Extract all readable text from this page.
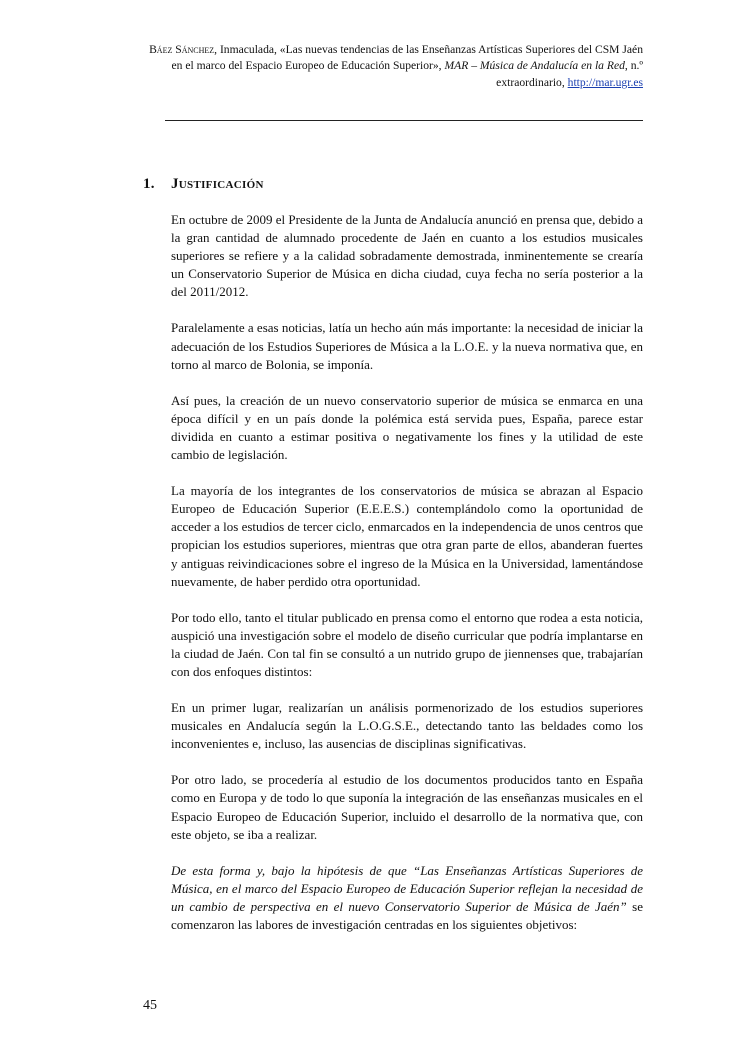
Báez Sánchez, Inmaculada, «Las nuevas tendencias de las Enseñanzas Artísticas Superiores del CSM Jaén en el marco del Espacio Europeo de Educación Superior», MAR – Música de Andalucía en la Red, n.º extraordinario, http://mar.ugr.es
1. Justificación

En octubre de 2009 el Presidente de la Junta de Andalucía anunció en prensa que, debido a la gran cantidad de alumnado procedente de Jaén en cuanto a los estudios musicales superiores se refiere y a la calidad sobradamente demostrada, inminentemente se crearía un Conservatorio Superior de Música en dicha ciudad, cuya fecha no sería posterior a la del 2011/2012.

Paralelamente a esas noticias, latía un hecho aún más importante: la necesidad de iniciar la adecuación de los Estudios Superiores de Música a la L.O.E. y la nueva normativa que, en torno al marco de Bolonia, se imponía.

Así pues, la creación de un nuevo conservatorio superior de música se enmarca en una época difícil y en un país donde la polémica está servida pues, España, parece estar dividida en cuanto a estimar positiva o negativamente los fines y la utilidad de este cambio de legislación.

La mayoría de los integrantes de los conservatorios de música se abrazan al Espacio Europeo de Educación Superior (E.E.E.S.) contemplándolo como la oportunidad de acceder a los estudios de tercer ciclo, enmarcados en la independencia de unos centros que propician los estudios superiores, mientras que otra gran parte de ellos, abanderan fuertes y antiguas reivindicaciones sobre el ingreso de la Música en la Universidad, lamentándose nuevamente, de haber perdido otra oportunidad.

Por todo ello, tanto el titular publicado en prensa como el entorno que rodea a esta noticia, auspició una investigación sobre el modelo de diseño curricular que podría implantarse en la ciudad de Jaén. Con tal fin se consultó a un nutrido grupo de jiennenses que, trabajarían con dos enfoques distintos:

En un primer lugar, realizarían un análisis pormenorizado de los estudios superiores musicales en Andalucía según la L.O.G.S.E., detectando tanto las beldades como los inconvenientes e, incluso, las ausencias de disciplinas significativas.

Por otro lado, se procedería al estudio de los documentos producidos tanto en España como en Europa y de todo lo que suponía la integración de las enseñanzas musicales en el Espacio Europeo de Educación Superior, incluido el desarrollo de la normativa que, con este objeto, se iba a realizar.

De esta forma y, bajo la hipótesis de que “Las Enseñanzas Artísticas Superiores de Música, en el marco del Espacio Europeo de Educación Superior reflejan la necesidad de un cambio de perspectiva en el nuevo Conservatorio Superior de Música de Jaén” se comenzaron las labores de investigación centradas en los siguientes objetivos:

45
